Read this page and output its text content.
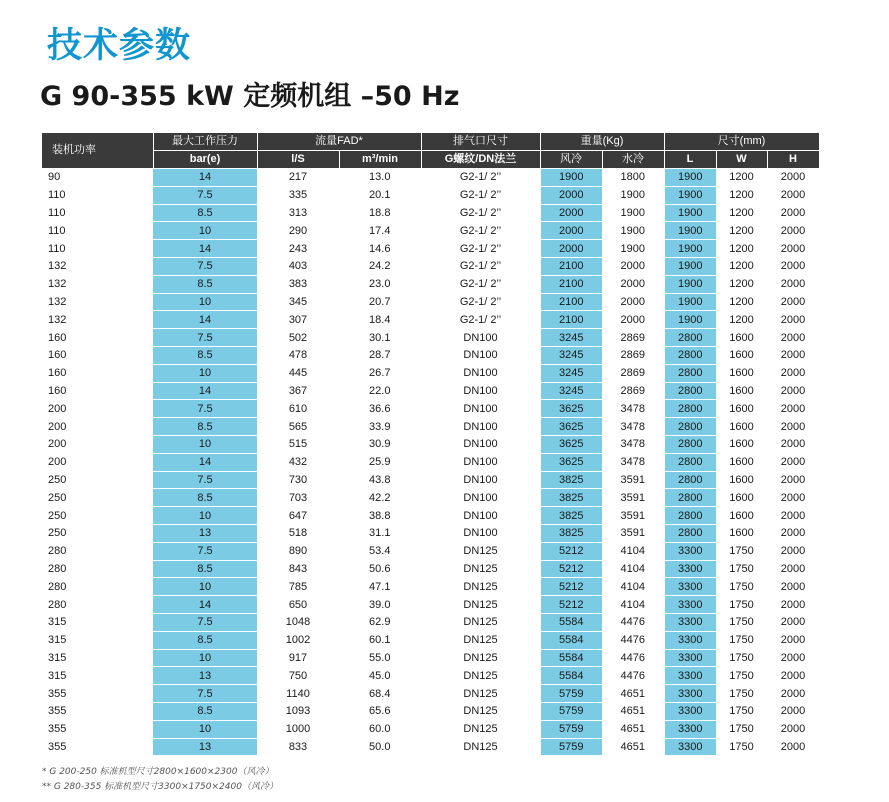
技术参数
G 90-355 kW 定频机组 –50 Hz
装机功率	最大工作压力	流量FAD*		排气口尺寸	重量(Kg)		尺寸(mm)		
	bar(e)	l/S	m³/min	G螺纹/DN法兰	风冷	水冷	L	W	H
90	14	217	13.0	G2-1/ 2’’	1900	1800	1900	1200	2000
110	7.5	335	20.1	G2-1/ 2’’	2000	1900	1900	1200	2000
110	8.5	313	18.8	G2-1/ 2’’	2000	1900	1900	1200	2000
110	10	290	17.4	G2-1/ 2’’	2000	1900	1900	1200	2000
110	14	243	14.6	G2-1/ 2’’	2000	1900	1900	1200	2000
132	7.5	403	24.2	G2-1/ 2’’	2100	2000	1900	1200	2000
132	8.5	383	23.0	G2-1/ 2’’	2100	2000	1900	1200	2000
132	10	345	20.7	G2-1/ 2’’	2100	2000	1900	1200	2000
132	14	307	18.4	G2-1/ 2’’	2100	2000	1900	1200	2000
160	7.5	502	30.1	DN100	3245	2869	2800	1600	2000
160	8.5	478	28.7	DN100	3245	2869	2800	1600	2000
160	10	445	26.7	DN100	3245	2869	2800	1600	2000
160	14	367	22.0	DN100	3245	2869	2800	1600	2000
200	7.5	610	36.6	DN100	3625	3478	2800	1600	2000
200	8.5	565	33.9	DN100	3625	3478	2800	1600	2000
200	10	515	30.9	DN100	3625	3478	2800	1600	2000
200	14	432	25.9	DN100	3625	3478	2800	1600	2000
250	7.5	730	43.8	DN100	3825	3591	2800	1600	2000
250	8.5	703	42.2	DN100	3825	3591	2800	1600	2000
250	10	647	38.8	DN100	3825	3591	2800	1600	2000
250	13	518	31.1	DN100	3825	3591	2800	1600	2000
280	7.5	890	53.4	DN125	5212	4104	3300	1750	2000
280	8.5	843	50.6	DN125	5212	4104	3300	1750	2000
280	10	785	47.1	DN125	5212	4104	3300	1750	2000
280	14	650	39.0	DN125	5212	4104	3300	1750	2000
315	7.5	1048	62.9	DN125	5584	4476	3300	1750	2000
315	8.5	1002	60.1	DN125	5584	4476	3300	1750	2000
315	10	917	55.0	DN125	5584	4476	3300	1750	2000
315	13	750	45.0	DN125	5584	4476	3300	1750	2000
355	7.5	1140	68.4	DN125	5759	4651	3300	1750	2000
355	8.5	1093	65.6	DN125	5759	4651	3300	1750	2000
355	10	1000	60.0	DN125	5759	4651	3300	1750	2000
355	13	833	50.0	DN125	5759	4651	3300	1750	2000
* G 200-250 标准机型尺寸2800×1600×2300（风冷）
** G 280-355 标准机型尺寸3300×1750×2400（风冷）
